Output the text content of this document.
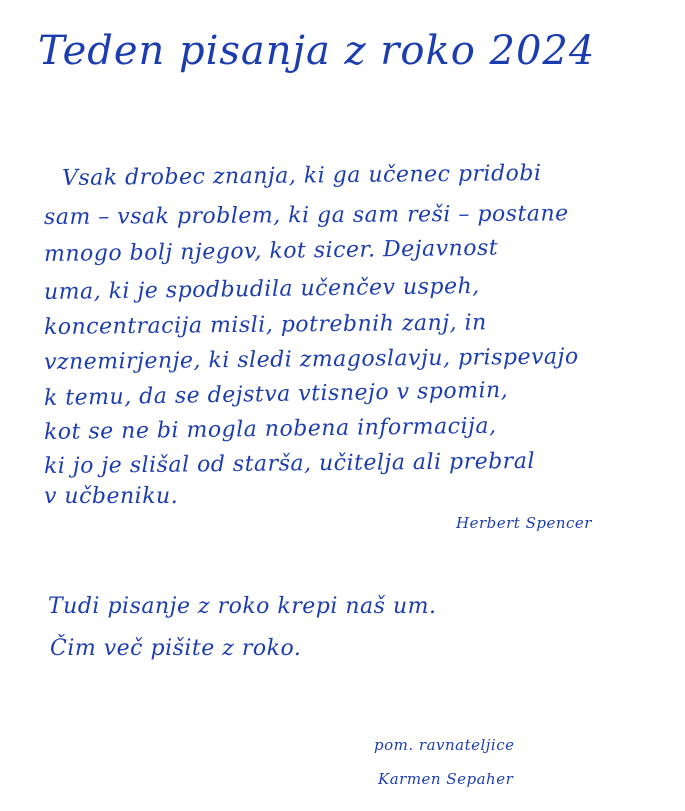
Teden pisanja z roko 2024
Vsak drobec znanja, ki ga učenec pridobi
sam – vsak problem, ki ga sam reši – postane
mnogo bolj njegov, kot sicer. Dejavnost
uma, ki je spodbudila učenčev uspeh,
koncentracija misli, potrebnih zanj, in
vznemirjenje, ki sledi zmagoslavju, prispevajo
k temu, da se dejstva vtisnejo v spomin,
kot se ne bi mogla nobena informacija,
ki jo je slišal od starša, učitelja ali prebral
v učbeniku.
Herbert Spencer
Tudi pisanje z roko krepi naš um.
Čim več pišite z roko.
pom. ravnateljice
Karmen Sepaher
